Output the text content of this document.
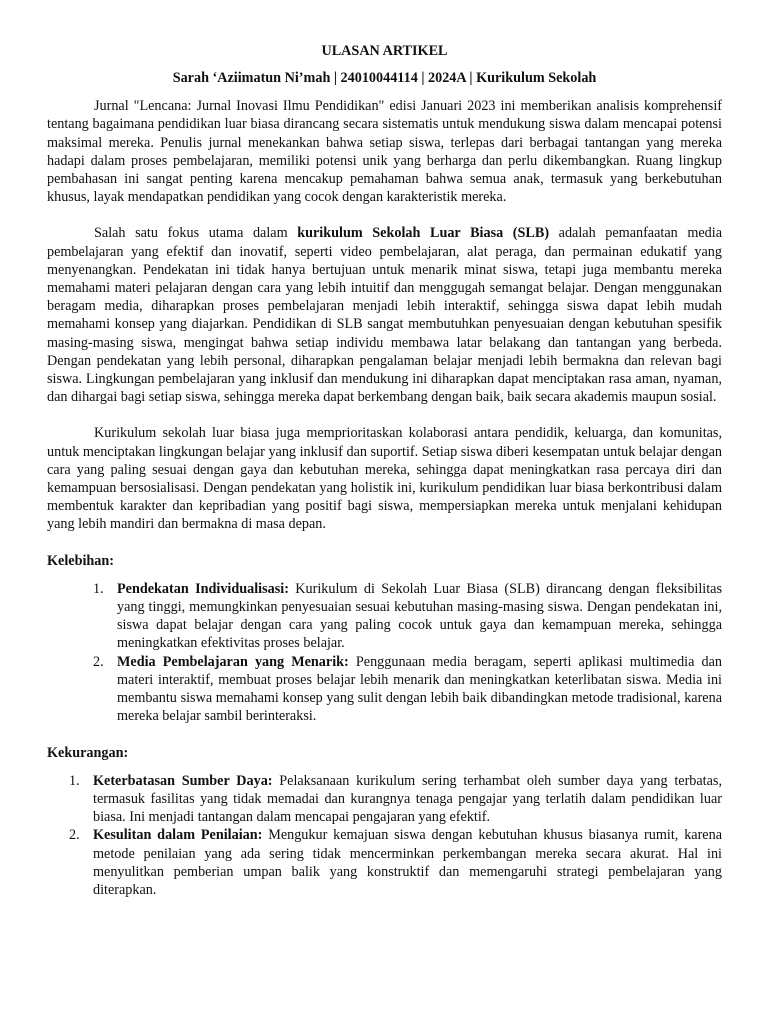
ULASAN ARTIKEL

Sarah ‘Aziimatun Ni’mah | 24010044114 | 2024A | Kurikulum Sekolah

Jurnal "Lencana: Jurnal Inovasi Ilmu Pendidikan" edisi Januari 2023 ini memberikan analisis komprehensif tentang bagaimana pendidikan luar biasa dirancang secara sistematis untuk mendukung siswa dalam mencapai potensi maksimal mereka. Penulis jurnal menekankan bahwa setiap siswa, terlepas dari berbagai tantangan yang mereka hadapi dalam proses pembelajaran, memiliki potensi unik yang berharga dan perlu dikembangkan. Ruang lingkup pembahasan ini sangat penting karena mencakup pemahaman bahwa semua anak, termasuk yang berkebutuhan khusus, layak mendapatkan pendidikan yang cocok dengan karakteristik mereka.

Salah satu fokus utama dalam kurikulum Sekolah Luar Biasa (SLB) adalah pemanfaatan media pembelajaran yang efektif dan inovatif, seperti video pembelajaran, alat peraga, dan permainan edukatif yang menyenangkan. Pendekatan ini tidak hanya bertujuan untuk menarik minat siswa, tetapi juga membantu mereka memahami materi pelajaran dengan cara yang lebih intuitif dan menggugah semangat belajar. Dengan menggunakan beragam media, diharapkan proses pembelajaran menjadi lebih interaktif, sehingga siswa dapat lebih mudah memahami konsep yang diajarkan. Pendidikan di SLB sangat membutuhkan penyesuaian dengan kebutuhan spesifik masing-masing siswa, mengingat bahwa setiap individu membawa latar belakang dan tantangan yang berbeda. Dengan pendekatan yang lebih personal, diharapkan pengalaman belajar menjadi lebih bermakna dan relevan bagi siswa. Lingkungan pembelajaran yang inklusif dan mendukung ini diharapkan dapat menciptakan rasa aman, nyaman, dan dihargai bagi setiap siswa, sehingga mereka dapat berkembang dengan baik, baik secara akademis maupun sosial.

Kurikulum sekolah luar biasa juga memprioritaskan kolaborasi antara pendidik, keluarga, dan komunitas, untuk menciptakan lingkungan belajar yang inklusif dan suportif. Setiap siswa diberi kesempatan untuk belajar dengan cara yang paling sesuai dengan gaya dan kebutuhan mereka, sehingga dapat meningkatkan rasa percaya diri dan kemampuan bersosialisasi. Dengan pendekatan yang holistik ini, kurikulum pendidikan luar biasa berkontribusi dalam membentuk karakter dan kepribadian yang positif bagi siswa, mempersiapkan mereka untuk menjalani kehidupan yang lebih mandiri dan bermakna di masa depan.

Kelebihan:

1. Pendekatan Individualisasi: Kurikulum di Sekolah Luar Biasa (SLB) dirancang dengan fleksibilitas yang tinggi, memungkinkan penyesuaian sesuai kebutuhan masing-masing siswa. Dengan pendekatan ini, siswa dapat belajar dengan cara yang paling cocok untuk gaya dan kemampuan mereka, sehingga meningkatkan efektivitas proses belajar.
2. Media Pembelajaran yang Menarik: Penggunaan media beragam, seperti aplikasi multimedia dan materi interaktif, membuat proses belajar lebih menarik dan meningkatkan keterlibatan siswa. Media ini membantu siswa memahami konsep yang sulit dengan lebih baik dibandingkan metode tradisional, karena mereka belajar sambil berinteraksi.

Kekurangan:

1. Keterbatasan Sumber Daya: Pelaksanaan kurikulum sering terhambat oleh sumber daya yang terbatas, termasuk fasilitas yang tidak memadai dan kurangnya tenaga pengajar yang terlatih dalam pendidikan luar biasa. Ini menjadi tantangan dalam mencapai pengajaran yang efektif.
2. Kesulitan dalam Penilaian: Mengukur kemajuan siswa dengan kebutuhan khusus biasanya rumit, karena metode penilaian yang ada sering tidak mencerminkan perkembangan mereka secara akurat. Hal ini menyulitkan pemberian umpan balik yang konstruktif dan memengaruhi strategi pembelajaran yang diterapkan.
